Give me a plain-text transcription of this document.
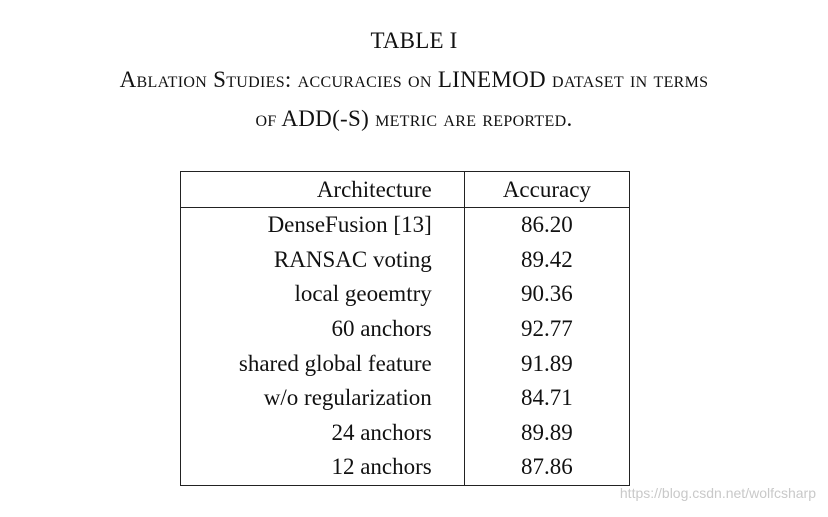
TABLE I
Ablation Studies: accuracies on LINEMOD dataset in terms
of ADD(-S) metric are reported.
Architecture	Accuracy
DenseFusion [13]	86.20
RANSAC voting	89.42
local geoemtry	90.36
60 anchors	92.77
shared global feature	91.89
w/o regularization	84.71
24 anchors	89.89
12 anchors	87.86
https://blog.csdn.net/wolfcsharp
